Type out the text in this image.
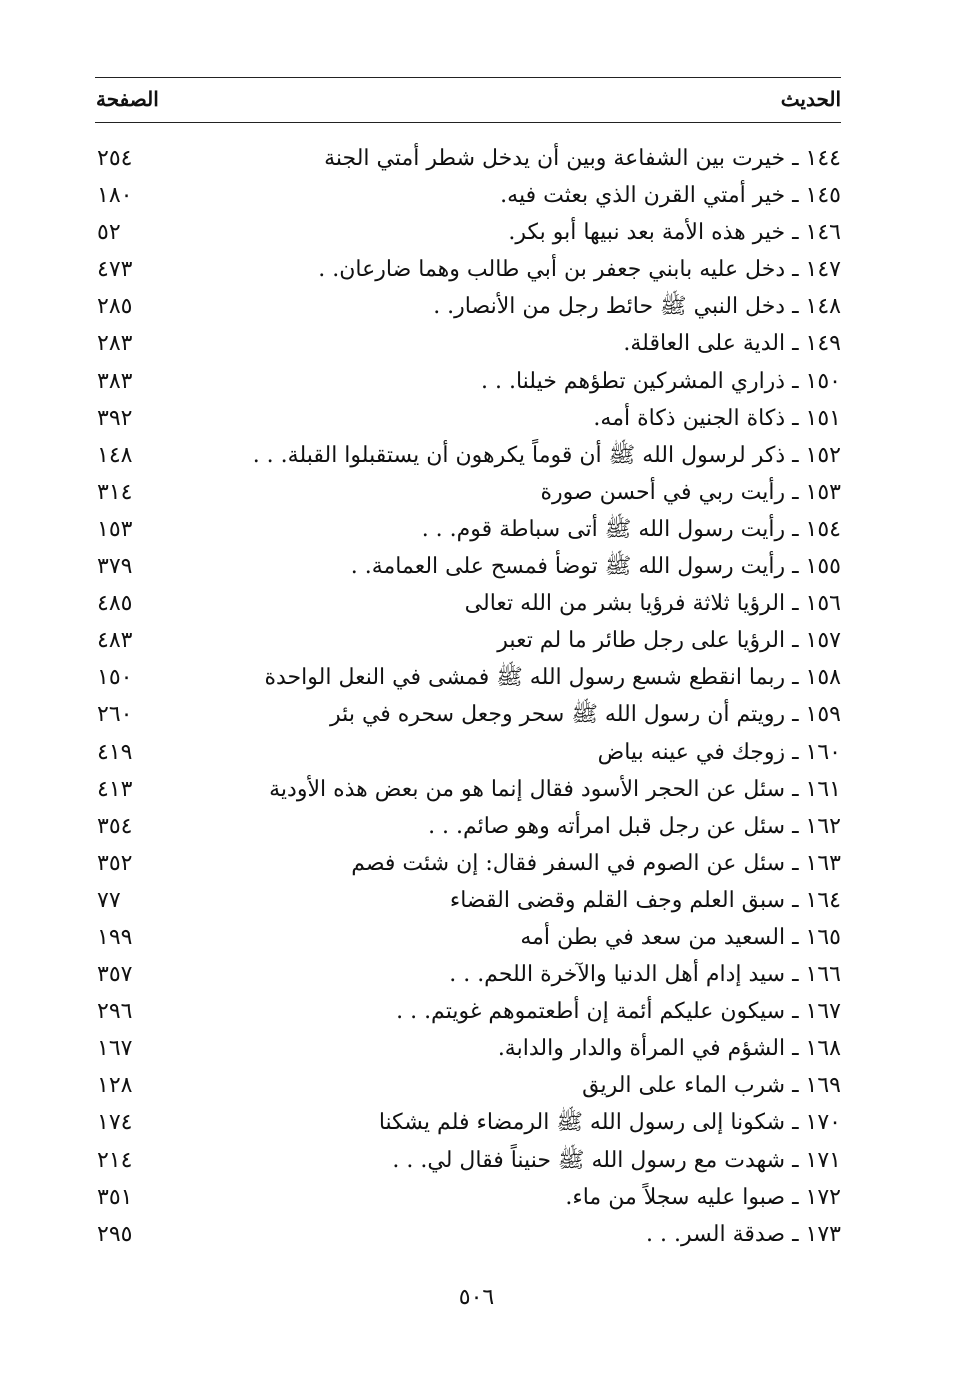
الحديث
الصفحة
١٤٤ ـ خيرت بين الشفاعة وبين أن يدخل شطر أمتي الجنة
٢٥٤
١٤٥ ـ خير أمتي القرن الذي بعثت فيه.
١٨٠
١٤٦ ـ خير هذه الأمة بعد نبيها أبو بكر.
٥٢
١٤٧ ـ دخل عليه بابني جعفر بن أبي طالب وهما ضارعان. .
٤٧٣
١٤٨ ـ دخل النبي ﷺ حائط رجل من الأنصار. .
٢٨٥
١٤٩ ـ الدية على العاقلة.
٢٨٣
١٥٠ ـ ذراري المشركين تطؤهم خيلنا. . .
٣٨٣
١٥١ ـ ذكاة الجنين ذكاة أمه.
٣٩٢
١٥٢ ـ ذكر لرسول الله ﷺ أن قوماً يكرهون أن يستقبلوا القبلة. . .
١٤٨
١٥٣ ـ رأيت ربي في أحسن صورة
٣١٤
١٥٤ ـ رأيت رسول الله ﷺ أتى سباطة قوم. . .
١٥٣
١٥٥ ـ رأيت رسول الله ﷺ توضأ فمسح على العمامة. .
٣٧٩
١٥٦ ـ الرؤيا ثلاثة فرؤيا بشر من الله تعالى
٤٨٥
١٥٧ ـ الرؤيا على رجل طائر ما لم تعبر
٤٨٣
١٥٨ ـ ربما انقطع شسع رسول الله ﷺ فمشى في النعل الواحدة
١٥٠
١٥٩ ـ رويتم أن رسول الله ﷺ سحر وجعل سحره في بئر
٢٦٠
١٦٠ ـ زوجك في عينه بياض
٤١٩
١٦١ ـ سئل عن الحجر الأسود فقال إنما هو من بعض هذه الأودية
٤١٣
١٦٢ ـ سئل عن رجل قبل امرأته وهو صائم. . .
٣٥٤
١٦٣ ـ سئل عن الصوم في السفر فقال: إن شئت فصم
٣٥٢
١٦٤ ـ سبق العلم وجف القلم وقضى القضاء
٧٧
١٦٥ ـ السعيد من سعد في بطن أمه
١٩٩
١٦٦ ـ سيد إدام أهل الدنيا والآخرة اللحم. . .
٣٥٧
١٦٧ ـ سيكون عليكم أئمة إن أطعتموهم غويتم. . .
٢٩٦
١٦٨ ـ الشؤم في المرأة والدار والدابة.
١٦٧
١٦٩ ـ شرب الماء على الريق
١٢٨
١٧٠ ـ شكونا إلى رسول الله ﷺ الرمضاء فلم يشكنا
١٧٤
١٧١ ـ شهدت مع رسول الله ﷺ حنيناً فقال لي. . .
٢١٤
١٧٢ ـ صبوا عليه سجلاً من ماء.
٣٥١
١٧٣ ـ صدقة السر. . .
٢٩٥
٥٠٦
